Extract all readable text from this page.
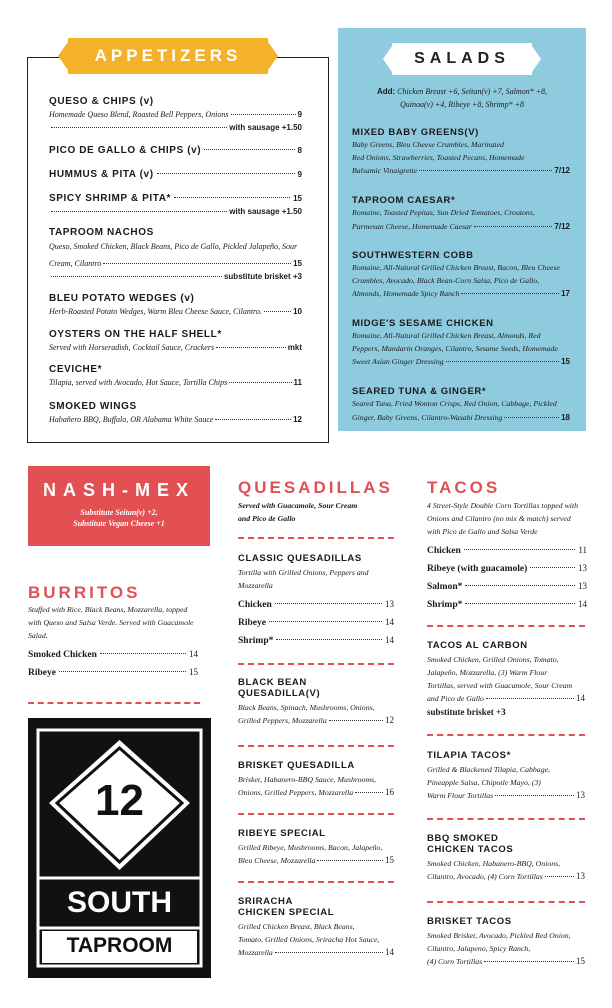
APPETIZERS
QUESO & CHIPS (v)
Homemade Queso Blend, Roasted Bell Peppers, Onions	9
with sausage +1.50
PICO DE GALLO & CHIPS (v)	8
HUMMUS & PITA (v)	9
SPICY SHRIMP & PITA*	15
with sausage +1.50
TAPROOM NACHOS
Queso, Smoked Chicken, Black Beans, Pico de Gallo, Pickled Jalapeño, Sour
Cream, Cilantro	15
substitute brisket +3
BLEU POTATO WEDGES (v)
Herb-Roasted Potato Wedges, Warm Bleu Cheese Sauce, Cilantro.	10
OYSTERS ON THE HALF SHELL*
Served with Horseradish, Cocktail Sauce, Crackers	mkt
CEVICHE*
Tilapia, served with Avocado, Hot Sauce, Tortilla Chips	11
SMOKED WINGS
Habañero BBQ, Buffalo, OR Alabama White Sauce	12
SALADS
Add: Chicken Breast +6, Seitan(v) +7, Salmon* +8,
Quinoa(v) +4, Ribeye +8, Shrimp* +8
MIXED BABY GREENS(V)
Baby Greens, Bleu Cheese Crumbles, Marinated
Red Onions, Strawberries, Toasted Pecans, Homemade
Balsamic Vinaigrette	7/12
TAPROOM CAESAR*
Romaine, Toasted Pepitas, Sun Dried Tomatoes, Croutons,
Parmesan Cheese, Homemade Caesar	7/12
SOUTHWESTERN COBB
Romaine, All-Natural Grilled Chicken Breast, Bacon, Bleu Cheese
Crumbles, Avocado, Black Bean-Corn Salsa, Pico de Gallo,
Almonds, Homemade Spicy Ranch	17
MIDGE'S SESAME CHICKEN
Romaine, All-Natural Grilled Chicken Breast, Almonds, Red
Peppers, Mandarin Oranges, Cilantro, Sesame Seeds, Homemade
Sweet Asian Ginger Dressing	15
SEARED TUNA & GINGER*
Seared Tuna, Fried Wonton Crisps, Red Onion, Cabbage, Pickled
Ginger, Baby Greens, Cilantro-Wasabi Dressing	18
NASH-MEX
Substitute Seitan(v) +2,
Substitute Vegan Cheese +1
BURRITOS
Stuffed with Rice, Black Beans, Mozzarella, topped
with Queso and Salsa Verde. Served with Guacamole
Salad.
Smoked Chicken	14
Ribeye	15
12
SOUTH
TAPROOM
QUESADILLAS
Served with Guacamole, Sour Cream
and Pico de Gallo
CLASSIC QUESADILLAS
Tortilla with Grilled Onions, Peppers and
Mozzarella
Chicken	13
Ribeye	14
Shrimp*	14
BLACK BEAN
QUESADILLA(V)
Black Beans, Spinach, Mushrooms, Onions,
Grilled Peppers, Mozzarella	12
BRISKET QUESADILLA
Brisket, Habanero-BBQ Sauce, Mushrooms,
Onions, Grilled Peppers, Mozzarella	16
RIBEYE SPECIAL
Grilled Ribeye, Mushrooms, Bacon, Jalapeño,
Bleu Cheese, Mozzarella	15
SRIRACHA
CHICKEN SPECIAL
Grilled Chicken Breast, Black Beans,
Tomato, Grilled Onions, Sriracha Hot Sauce,
Mozzarella	14
TACOS
4 Street-Style Double Corn Tortillas topped with
Onions and Cilantro (no mix & match) served
with Pico de Gallo and Salsa Verde
Chicken	11
Ribeye (with guacamole)	13
Salmon*	13
Shrimp*	14
TACOS AL CARBON
Smoked Chicken, Grilled Onions, Tomato,
Jalapeño, Mozzarella, (3) Warm Flour
Tortillas, served with Guacamole, Sour Cream
and Pico de Gallo	14
substitute brisket +3
TILAPIA TACOS*
Grilled & Blackened Tilapia, Cabbage,
Pineapple Salsa, Chipotle Mayo, (3)
Warm Flour Tortillas	13
BBQ SMOKED
CHICKEN TACOS
Smoked Chicken, Habanero-BBQ, Onions,
Cilantro, Avocado, (4) Corn Tortillas	13
BRISKET TACOS
Smoked Brisket, Avocado, Pickled Red Onion,
Cilantro, Jalapeno, Spicy Ranch,
(4) Corn Tortillas	15
